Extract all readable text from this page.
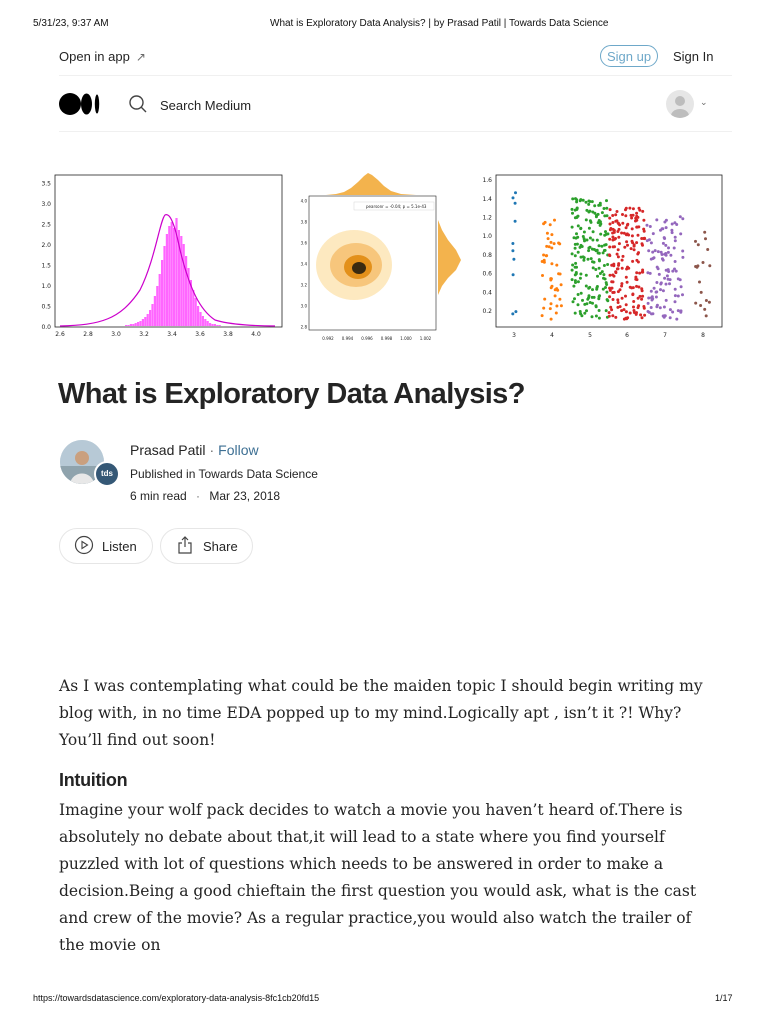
5/31/23, 9:37 AM	What is Exploratory Data Analysis? | by Prasad Patil | Towards Data Science
Open in app ↗	Sign up	Sign In
Search Medium	⌄
0.0
0.5
1.0
1.5
2.0
2.5
3.0
3.5
2.6	2.8	3.0	3.2	3.4	3.6	3.8	4.0
pearsonr = -0.04; p = 5.1e-43
2.8
3.0
3.2
3.4
3.6
3.8
4.0
0.992 0.994 0.996 0.998 1.000 1.002
0.2
0.4
0.6
0.8
1.0
1.2
1.4
1.6
3	4	5	6	7	8
What is Exploratory Data Analysis?
tds
Prasad Patil · Follow
Published in Towards Data Science
6 min read · Mar 23, 2018
Listen	Share
As I was contemplating what could be the maiden topic I should begin writing my blog with, in no time EDA popped up to my mind.Logically apt , isn’t it ?! Why? You’ll find out soon!
Intuition
Imagine your wolf pack decides to watch a movie you haven’t heard of.There is absolutely no debate about that,it will lead to a state where you find yourself puzzled with lot of questions which needs to be answered in order to make a decision.Being a good chieftain the first question you would ask, what is the cast and crew of the movie? As a regular practice,you would also watch the trailer of the movie on
https://towardsdatascience.com/exploratory-data-analysis-8fc1cb20fd15	1/17
